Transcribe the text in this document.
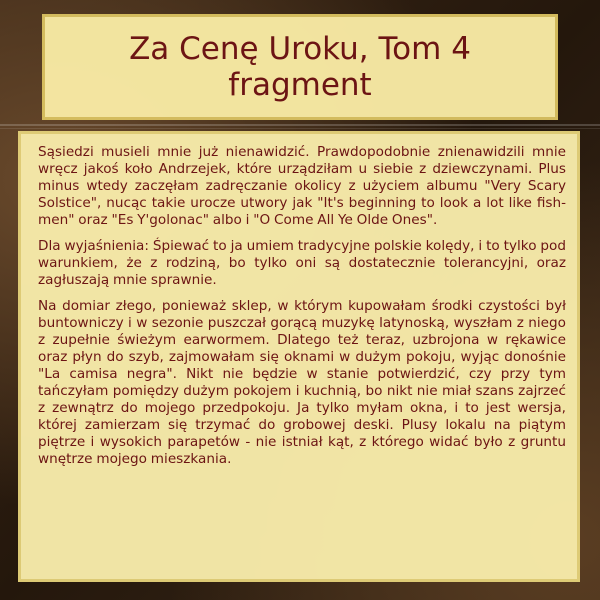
Za Cenę Uroku, Tom 4
fragment

Sąsiedzi musieli mnie już nienawidzić. Prawdopodobnie znienawidzili mnie wręcz jakoś koło Andrzejek, które urządziłam u siebie z dziewczynami. Plus minus wtedy zaczęłam zadręczanie okolicy z użyciem albumu "Very Scary Solstice", nucąc takie urocze utwory jak "It's beginning to look a lot like fish-men" oraz "Es Y'golonac" albo i "O Come All Ye Olde Ones".

Dla wyjaśnienia: Śpiewać to ja umiem tradycyjne polskie kolędy, i to tylko pod warunkiem, że z rodziną, bo tylko oni są dostatecznie tolerancyjni, oraz zagłuszają mnie sprawnie.

Na domiar złego, ponieważ sklep, w którym kupowałam środki czystości był buntowniczy i w sezonie puszczał gorącą muzykę latynoską, wyszłam z niego z zupełnie świeżym earwormem. Dlatego też teraz, uzbrojona w rękawice oraz płyn do szyb, zajmowałam się oknami w dużym pokoju, wyjąc donośnie "La camisa negra". Nikt nie będzie w stanie potwierdzić, czy przy tym tańczyłam pomiędzy dużym pokojem i kuchnią, bo nikt nie miał szans zajrzeć z zewnątrz do mojego przedpokoju. Ja tylko myłam okna, i to jest wersja, której zamierzam się trzymać do grobowej deski. Plusy lokalu na piątym piętrze i wysokich parapetów - nie istniał kąt, z którego widać było z gruntu wnętrze mojego mieszkania.
